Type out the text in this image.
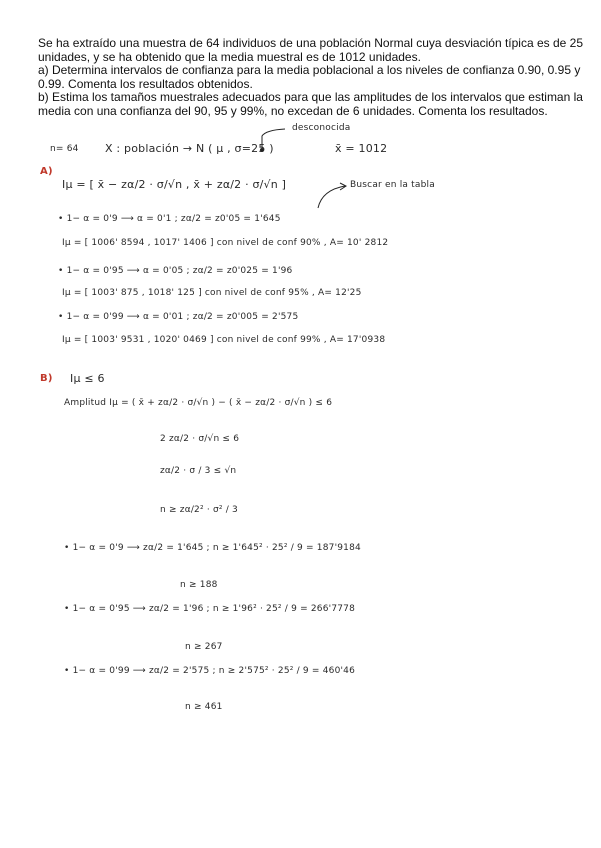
Se ha extraído una muestra de 64 individuos de una población Normal cuya desviación típica es de 25 unidades, y se ha obtenido que la media muestral es de 1012 unidades.

a) Determina intervalos de confianza para la media poblacional a los niveles de confianza 0.90, 0.95 y 0.99. Comenta los resultados obtenidos.

b) Estima los tamaños muestrales adecuados para que las amplitudes de los intervalos que estiman la media con una confianza del 90, 95 y 99%, no excedan de 6 unidades. Comenta los resultados.

desconocida
n= 64 X : población → N ( μ , σ=25 )	x̄ = 1012
A)
Iμ = [ x̄ − zα/2 · σ/√n , x̄ + zα/2 · σ/√n ]	Buscar en la tabla
• 1− α = 0'9 ⟶ α = 0'1 ; zα/2 = z0'05 = 1'645
Iμ = [ 1006' 8594 , 1017' 1406 ] con nivel de conf 90% , A= 10' 2812
• 1− α = 0'95 ⟶ α = 0'05 ; zα/2 = z0'025 = 1'96
Iμ = [ 1003' 875 , 1018' 125 ] con nivel de conf 95% , A= 12'25
• 1− α = 0'99 ⟶ α = 0'01 ; zα/2 = z0'005 = 2'575
Iμ = [ 1003' 9531 , 1020' 0469 ] con nivel de conf 99% , A= 17'0938
B) Iμ ≤ 6
Amplitud Iμ = ( x̄ + zα/2 · σ/√n ) − ( x̄ − zα/2 · σ/√n ) ≤ 6
2 zα/2 · σ/√n ≤ 6
zα/2 · σ / 3 ≤ √n
n ≥ zα/2² · σ² / 3
• 1− α = 0'9 ⟶ zα/2 = 1'645 ; n ≥ 1'645² · 25² / 9 = 187'9184
n ≥ 188
• 1− α = 0'95 ⟶ zα/2 = 1'96 ; n ≥ 1'96² · 25² / 9 = 266'7778
n ≥ 267
• 1− α = 0'99 ⟶ zα/2 = 2'575 ; n ≥ 2'575² · 25² / 9 = 460'46
n ≥ 461
